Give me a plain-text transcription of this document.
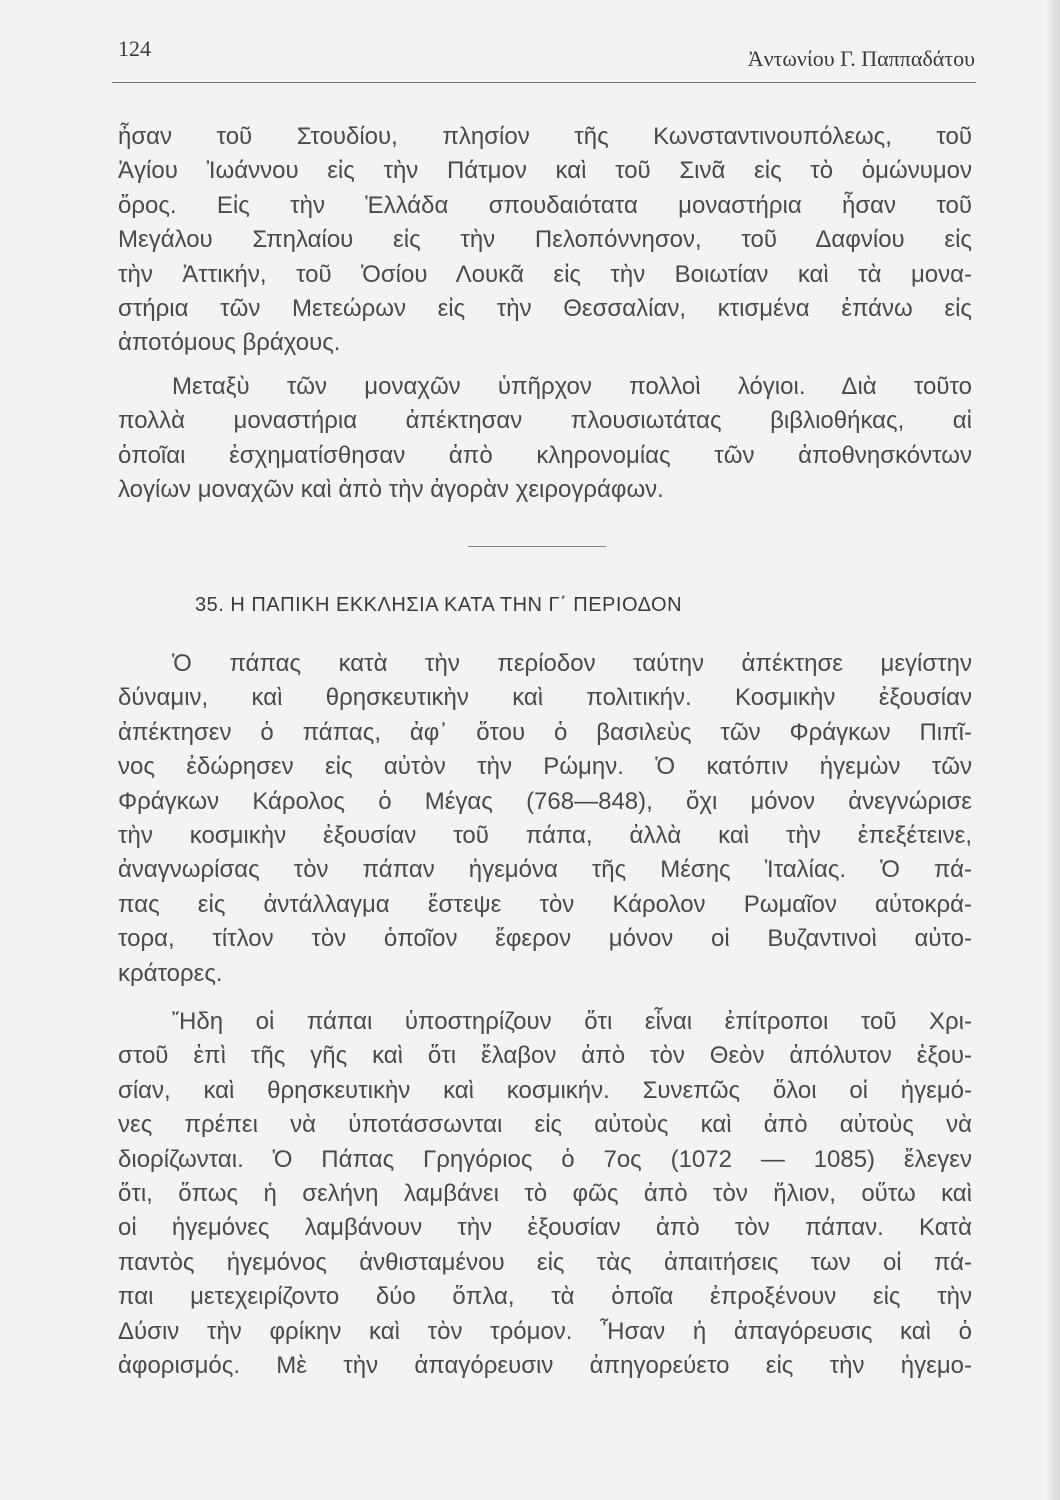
124	Ἀντωνίου Γ. Παππαδάτου
ἦσαν τοῦ Στουδίου, πλησίον τῆς Κωνσταντινουπόλεως, τοῦ
Ἁγίου Ἰωάννου εἰς τὴν Πάτμον καὶ τοῦ Σινᾶ εἰς τὸ ὁμώνυμον
ὄρος. Εἰς τὴν Ἑλλάδα σπουδαιότατα μοναστήρια ἦσαν τοῦ
Μεγάλου Σπηλαίου εἰς τὴν Πελοπόννησον, τοῦ Δαφνίου εἰς
τὴν Ἀττικήν, τοῦ Ὁσίου Λουκᾶ εἰς τὴν Βοιωτίαν καὶ τὰ μονα-
στήρια τῶν Μετεώρων εἰς τὴν Θεσσαλίαν, κτισμένα ἐπάνω εἰς
ἀποτόμους βράχους.
Μεταξὺ τῶν μοναχῶν ὑπῆρχον πολλοὶ λόγιοι. Διὰ τοῦτο
πολλὰ μοναστήρια ἀπέκτησαν πλουσιωτάτας βιβλιοθήκας, αἱ
ὁποῖαι ἐσχηματίσθησαν ἀπὸ κληρονομίας τῶν ἀποθνησκόντων
λογίων μοναχῶν καὶ ἀπὸ τὴν ἀγορὰν χειρογράφων.
35. Η ΠΑΠΙΚΗ ΕΚΚΛΗΣΙΑ ΚΑΤΑ ΤΗΝ Γ΄ ΠΕΡΙΟΔΟΝ
Ὁ πάπας κατὰ τὴν περίοδον ταύτην ἀπέκτησε μεγίστην
δύναμιν, καὶ θρησκευτικὴν καὶ πολιτικήν. Κοσμικὴν ἐξουσίαν
ἀπέκτησεν ὁ πάπας, ἀφ᾽ ὅτου ὁ βασιλεὺς τῶν Φράγκων Πιπῖ-
νος ἐδώρησεν εἰς αὐτὸν τὴν Ρώμην. Ὁ κατόπιν ἡγεμὼν τῶν
Φράγκων Κάρολος ὁ Μέγας (768—848), ὄχι μόνον ἀνεγνώρισε
τὴν κοσμικὴν ἐξουσίαν τοῦ πάπα, ἀλλὰ καὶ τὴν ἐπεξέτεινε,
ἀναγνωρίσας τὸν πάπαν ἡγεμόνα τῆς Μέσης Ἰταλίας. Ὁ πά-
πας εἰς ἀντάλλαγμα ἔστεψε τὸν Κάρολον Ρωμαῖον αὐτοκρά-
τορα, τίτλον τὸν ὁποῖον ἔφερον μόνον οἱ Βυζαντινοὶ αὐτο-
κράτορες.
Ἤδη οἱ πάπαι ὑποστηρίζουν ὅτι εἶναι ἐπίτροποι τοῦ Χρι-
στοῦ ἐπὶ τῆς γῆς καὶ ὅτι ἔλαβον ἀπὸ τὸν Θεὸν ἀπόλυτον ἐξου-
σίαν, καὶ θρησκευτικὴν καὶ κοσμικήν. Συνεπῶς ὅλοι οἱ ἡγεμό-
νες πρέπει νὰ ὑποτάσσωνται εἰς αὐτοὺς καὶ ἀπὸ αὐτοὺς νὰ
διορίζωνται. Ὁ Πάπας Γρηγόριος ὁ 7ος (1072 — 1085) ἔλεγεν
ὅτι, ὅπως ἡ σελήνη λαμβάνει τὸ φῶς ἀπὸ τὸν ἥλιον, οὕτω καὶ
οἱ ἡγεμόνες λαμβάνουν τὴν ἐξουσίαν ἀπὸ τὸν πάπαν. Κατὰ
παντὸς ἡγεμόνος ἀνθισταμένου εἰς τὰς ἀπαιτήσεις των οἱ πά-
παι μετεχειρίζοντο δύο ὅπλα, τὰ ὁποῖα ἐπροξένουν εἰς τὴν
Δύσιν τὴν φρίκην καὶ τὸν τρόμον. Ἦσαν ἡ ἀπαγόρευσις καὶ ὁ
ἀφορισμός. Μὲ τὴν ἀπαγόρευσιν ἀπηγορεύετο εἰς τὴν ἡγεμο-
